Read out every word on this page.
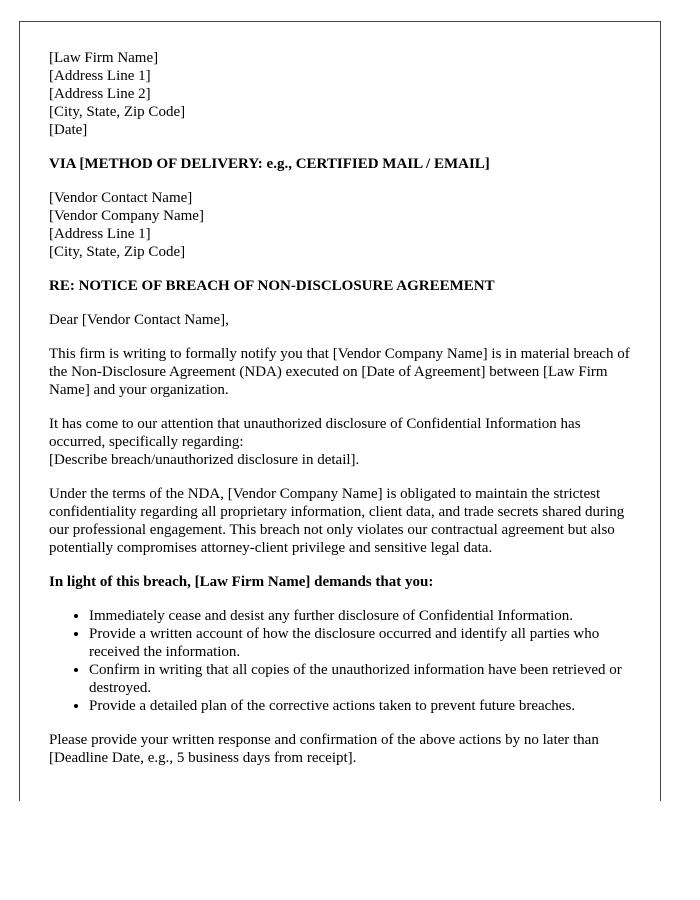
[Law Firm Name]
[Address Line 1]
[Address Line 2]
[City, State, Zip Code]
[Date]

VIA [METHOD OF DELIVERY: e.g., CERTIFIED MAIL / EMAIL]

[Vendor Contact Name]
[Vendor Company Name]
[Address Line 1]
[City, State, Zip Code]

RE: NOTICE OF BREACH OF NON-DISCLOSURE AGREEMENT

Dear [Vendor Contact Name],

This firm is writing to formally notify you that [Vendor Company Name] is in material breach of the Non-Disclosure Agreement (NDA) executed on [Date of Agreement] between [Law Firm Name] and your organization.

It has come to our attention that unauthorized disclosure of Confidential Information has occurred, specifically regarding:

[Describe breach/unauthorized disclosure in detail].

Under the terms of the NDA, [Vendor Company Name] is obligated to maintain the strictest confidentiality regarding all proprietary information, client data, and trade secrets shared during our professional engagement. This breach not only violates our contractual agreement but also potentially compromises attorney-client privilege and sensitive legal data.

In light of this breach, [Law Firm Name] demands that you:

• Immediately cease and desist any further disclosure of Confidential Information.
• Provide a written account of how the disclosure occurred and identify all parties who received the information.
• Confirm in writing that all copies of the unauthorized information have been retrieved or destroyed.
• Provide a detailed plan of the corrective actions taken to prevent future breaches.

Please provide your written response and confirmation of the above actions by no later than [Deadline Date, e.g., 5 business days from receipt].
